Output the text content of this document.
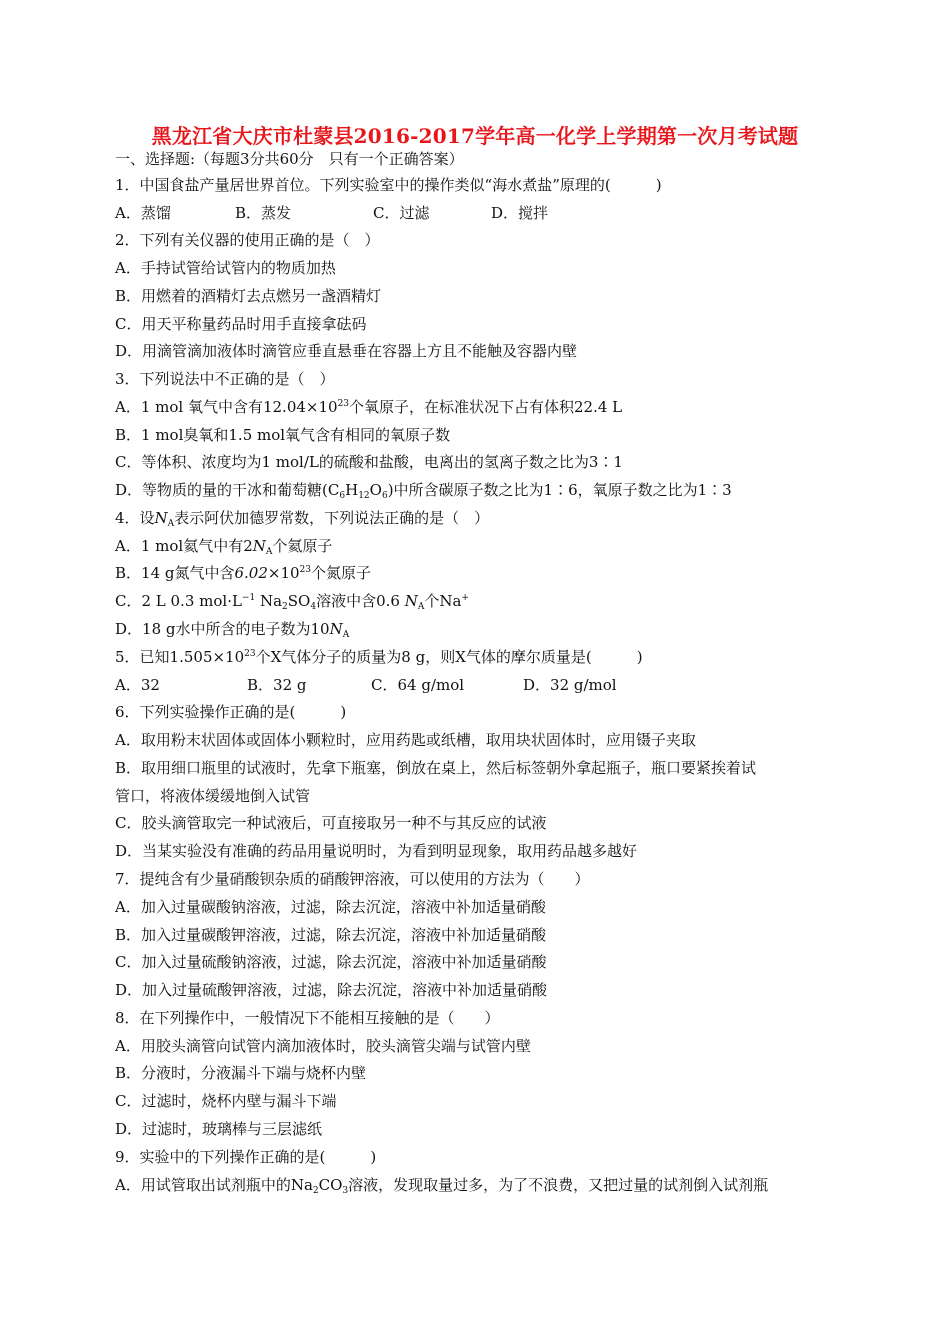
黑龙江省大庆市杜蒙县2016-2017学年高一化学上学期第一次月考试题
一、选择题:（每题3分共60分　只有一个正确答案）
1．中国食盐产量居世界首位。下列实验室中的操作类似“海水煮盐”原理的(　　　)
A．蒸馏	B．蒸发	C．过滤	D．搅拌
2．下列有关仪器的使用正确的是（　）
A．手持试管给试管内的物质加热
B．用燃着的酒精灯去点燃另一盏酒精灯
C．用天平称量药品时用手直接拿砝码
D．用滴管滴加液体时滴管应垂直悬垂在容器上方且不能触及容器内壁
3．下列说法中不正确的是（　）
A．1 mol 氧气中含有$12.04\times 10^{23}$个氧原子，在标准状况下占有体积22.4 L
B．1 mol臭氧和1.5 mol氧气含有相同的氧原子数
C．等体积、浓度均为1 mol/L的硫酸和盐酸，电离出的氢离子数之比为3∶1
D．等物质的量的干冰和葡萄糖$(C_6H_{12}O_6)$中所含碳原子数之比为1∶6，氧原子数之比为1∶3
4．设$N_A$表示阿伏加德罗常数，下列说法正确的是（　）
A．1 mol氦气中有$2N_A$个氦原子
B．14 g氮气中含$6.02\times 10^{23}$个氮原子
C．2 L 0.3 $mol\cdot L^{-1}$ $Na_2SO_4$溶液中含0.6 $N_A$个Na+
D．18 g水中所含的电子数为$10N_A$
5．已知$1.505\times 10^{23}$个X气体分子的质量为8 g，则X气体的摩尔质量是(　　　)
A．32	B．32 g	C．64 g/mol	D．32 g/mol
6．下列实验操作正确的是(　　　)
A．取用粉末状固体或固体小颗粒时，应用药匙或纸槽，取用块状固体时，应用镊子夹取
B．取用细口瓶里的试液时，先拿下瓶塞，倒放在桌上，然后标签朝外拿起瓶子，瓶口要紧挨着试
管口，将液体缓缓地倒入试管
C．胶头滴管取完一种试液后，可直接取另一种不与其反应的试液
D．当某实验没有准确的药品用量说明时，为看到明显现象，取用药品越多越好
7．提纯含有少量硝酸钡杂质的硝酸钾溶液，可以使用的方法为（　　）
A．加入过量碳酸钠溶液，过滤，除去沉淀，溶液中补加适量硝酸
B．加入过量碳酸钾溶液，过滤，除去沉淀，溶液中补加适量硝酸
C．加入过量硫酸钠溶液，过滤，除去沉淀，溶液中补加适量硝酸
D．加入过量硫酸钾溶液，过滤，除去沉淀，溶液中补加适量硝酸
8．在下列操作中，一般情况下不能相互接触的是（　　）
A．用胶头滴管向试管内滴加液体时，胶头滴管尖端与试管内壁
B．分液时，分液漏斗下端与烧杯内壁
C．过滤时，烧杯内壁与漏斗下端
D．过滤时，玻璃棒与三层滤纸
9．实验中的下列操作正确的是(　　　)
A．用试管取出试剂瓶中的$Na_2CO_3$溶液，发现取量过多，为了不浪费，又把过量的试剂倒入试剂瓶
